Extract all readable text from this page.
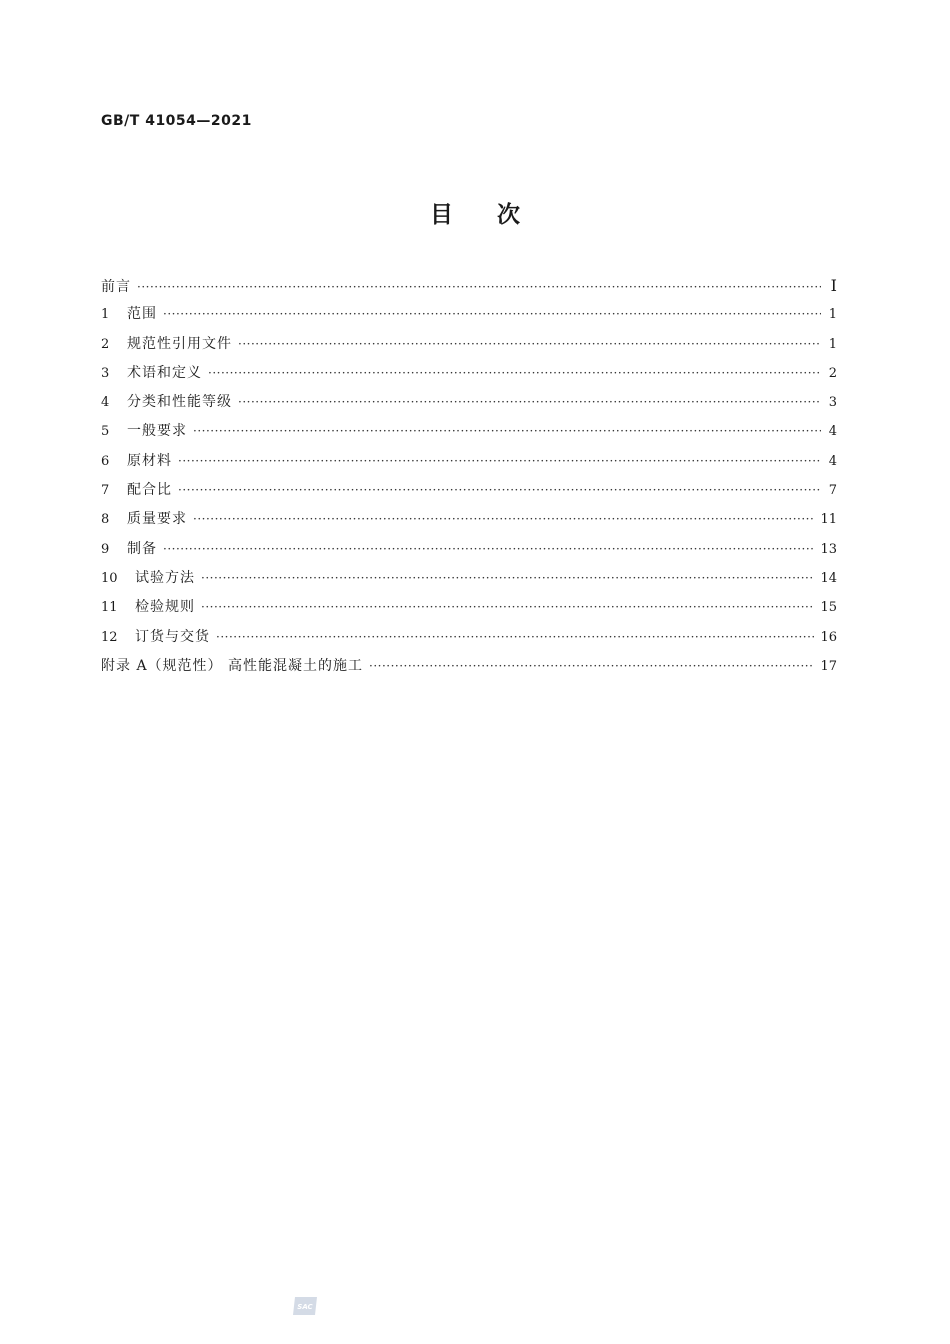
GB/T 41054—2021
目 次
前言 ·····	Ⅰ
1	范围 ·····	1
2	规范性引用文件 ·····	1
3	术语和定义 ·····	2
4	分类和性能等级 ·····	3
5	一般要求 ·····	4
6	原材料 ·····	4
7	配合比 ·····	7
8	质量要求 ·····	11
9	制备 ·····	13
10	试验方法 ·····	14
11	检验规则 ·····	15
12	订货与交货 ·····	16
附录 A（规范性） 高性能混凝土的施工 ·····	17
SAC
